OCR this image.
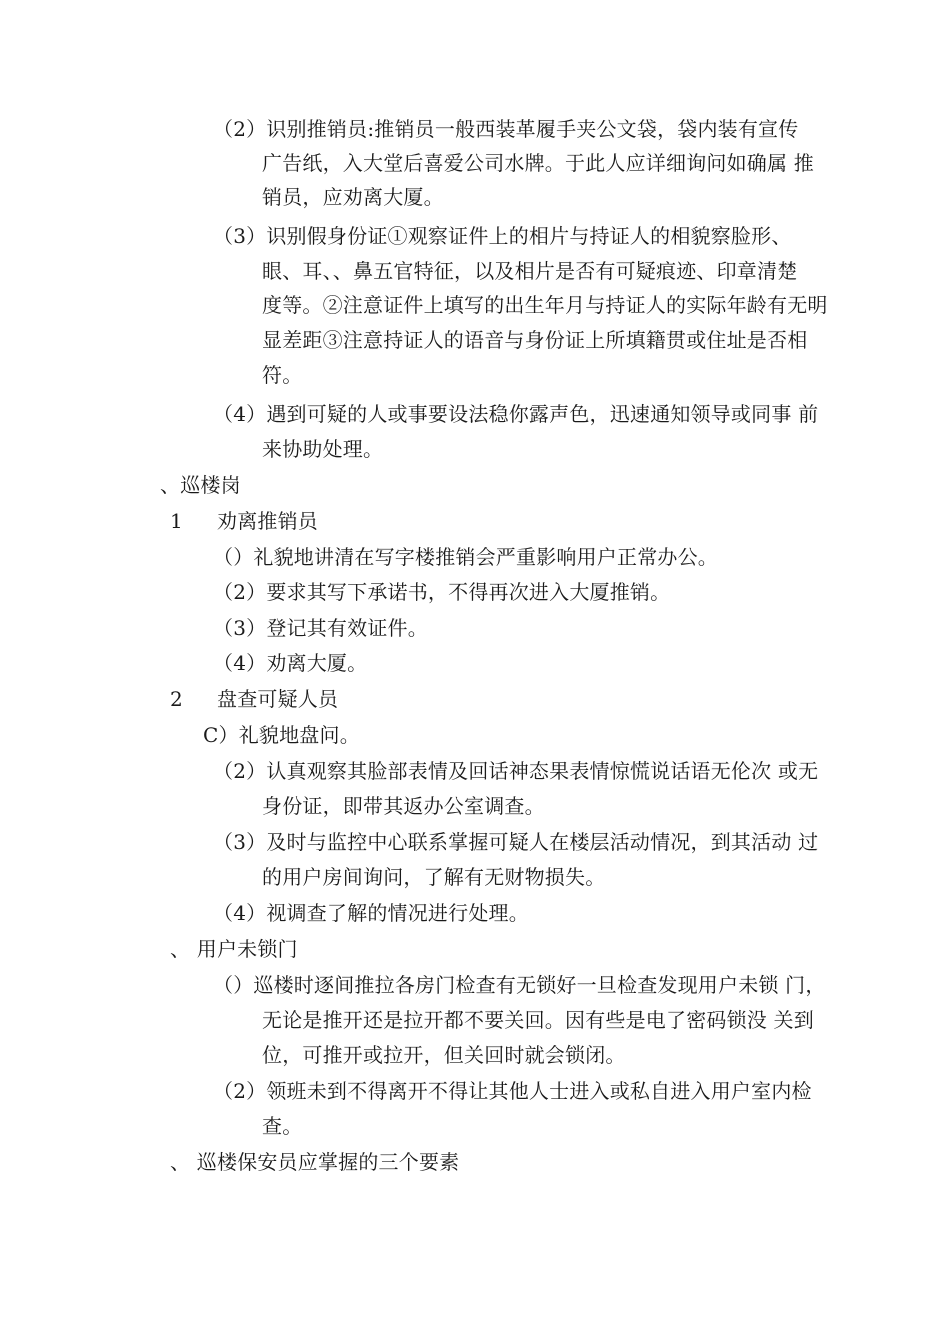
（2）识别推销员:推销员一般西装革履手夹公文袋，袋内装有宣传
广告纸，入大堂后喜爱公司水牌。于此人应详细询问如确属 推
销员，应劝离大厦。
（3）识别假身份证①观察证件上的相片与持证人的相貌察脸形、
眼、耳、、鼻五官特征，以及相片是否有可疑痕迹、印章清楚
度等。②注意证件上填写的出生年月与持证人的实际年龄有无明
显差距③注意持证人的语音与身份证上所填籍贯或住址是否相
符。
（4）遇到可疑的人或事要设法稳你露声色，迅速通知领导或同事 前
来协助处理。
、巡楼岗
1 劝离推销员
（）礼貌地讲清在写字楼推销会严重影响用户正常办公。
（2）要求其写下承诺书，不得再次进入大厦推销。
（3）登记其有效证件。
（4）劝离大厦。
2 盘查可疑人员
C）礼貌地盘问。
（2）认真观察其脸部表情及回话神态果表情惊慌说话语无伦次 或无
身份证，即带其返办公室调查。
（3）及时与监控中心联系掌握可疑人在楼层活动情况，到其活动 过
的用户房间询问，了解有无财物损失。
（4）视调查了解的情况进行处理。
、 用户未锁门
（）巡楼时逐间推拉各房门检查有无锁好一旦检查发现用户未锁 门，
无论是推开还是拉开都不要关回。因有些是电了密码锁没 关到
位，可推开或拉开，但关回时就会锁闭。
（2）领班未到不得离开不得让其他人士进入或私自进入用户室内检
查。
、 巡楼保安员应掌握的三个要素
